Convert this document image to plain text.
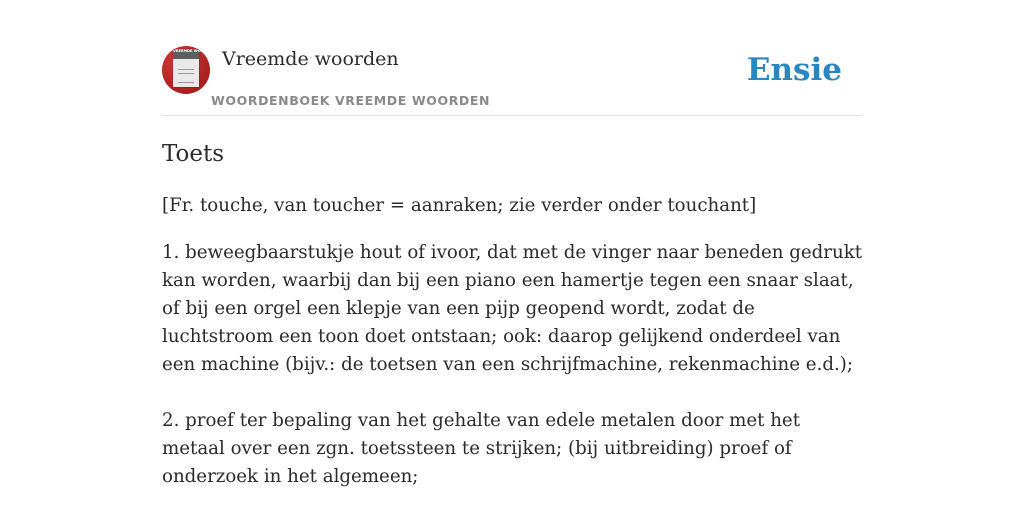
VREEMDE WOORDEN Vreemde woorden
WOORDENBOEK VREEMDE WOORDEN
Ensie
Toets
[Fr. touche, van toucher = aanraken; zie verder onder touchant]

1. beweegbaarstukje hout of ivoor, dat met de vinger naar beneden gedrukt kan worden, waarbij dan bij een piano een hamertje tegen een snaar slaat, of bij een orgel een klepje van een pijp geopend wordt, zodat de luchtstroom een toon doet ontstaan; ook: daarop gelijkend onderdeel van een machine (bijv.: de toetsen van een schrijfmachine, rekenmachine e.d.);

2. proef ter bepaling van het gehalte van edele metalen door met het metaal over een zgn. toetssteen te strijken; (bij uitbreiding) proef of onderzoek in het algemeen;
